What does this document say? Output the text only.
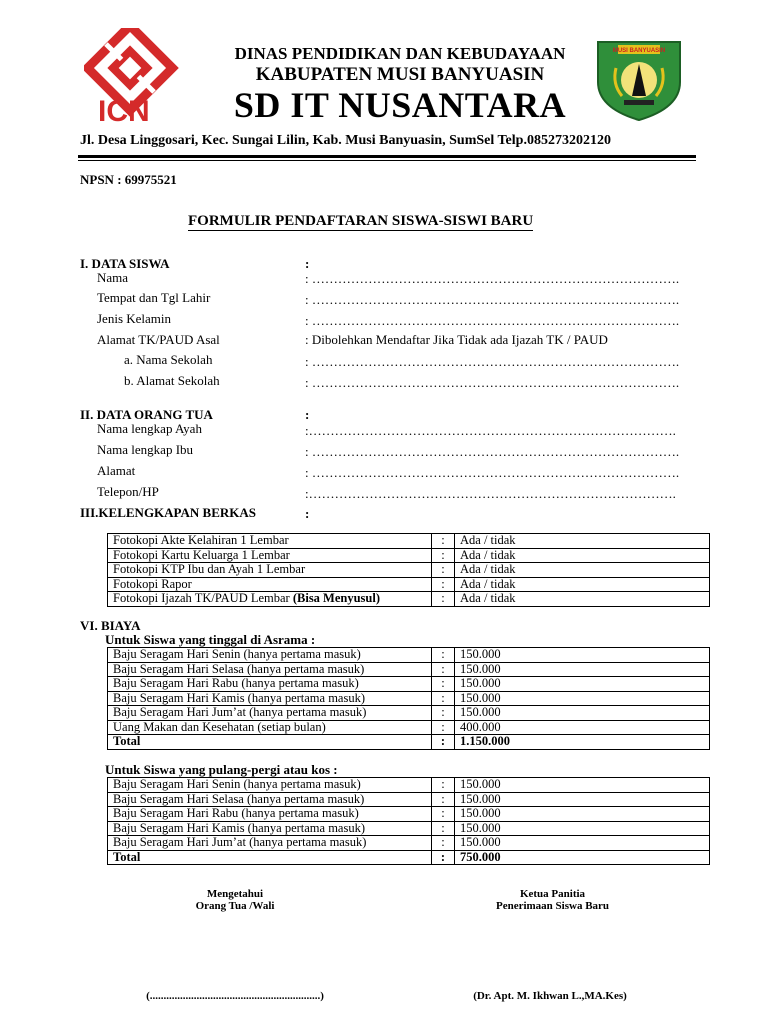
ICN
DINAS PENDIDIKAN DAN KEBUDAYAAN
KABUPATEN MUSI BANYUASIN
SD IT NUSANTARA
MUSI BANYUASIN
Jl. Desa Linggosari, Kec. Sungai Lilin, Kab. Musi Banyuasin, SumSel Telp.085273202120
NPSN : 69975521
FORMULIR PENDAFTARAN SISWA-SISWI BARU
I. DATA SISWA	:
Nama	: ………………………………………………………………………….
Tempat dan Tgl Lahir	: ………………………………………………………………………….
Jenis Kelamin	: ………………………………………………………………………….
Alamat TK/PAUD Asal	: Dibolehkan Mendaftar Jika Tidak ada Ijazah TK / PAUD
a. Nama Sekolah	: ………………………………………………………………………….
b. Alamat Sekolah	: ………………………………………………………………………….
II. DATA ORANG TUA	:
Nama lengkap Ayah	:………………………………………………………………………….
Nama lengkap Ibu	: ………………………………………………………………………….
Alamat	: ………………………………………………………………………….
Telepon/HP	:………………………………………………………………………….
III.KELENGKAPAN BERKAS	:
Fotokopi Akte Kelahiran 1 Lembar	:	Ada / tidak
Fotokopi Kartu Keluarga 1 Lembar	:	Ada / tidak
Fotokopi KTP Ibu dan Ayah 1 Lembar	:	Ada / tidak
Fotokopi Rapor	:	Ada / tidak
Fotokopi Ijazah TK/PAUD Lembar (Bisa Menyusul)	:	Ada / tidak
VI. BIAYA
Untuk Siswa yang tinggal di Asrama :
Baju Seragam Hari Senin (hanya pertama masuk)	:	150.000
Baju Seragam Hari Selasa (hanya pertama masuk)	:	150.000
Baju Seragam Hari Rabu (hanya pertama masuk)	:	150.000
Baju Seragam Hari Kamis (hanya pertama masuk)	:	150.000
Baju Seragam Hari Jum’at (hanya pertama masuk)	:	150.000
Uang Makan dan Kesehatan (setiap bulan)	:	400.000
Total	:	1.150.000
Untuk Siswa yang pulang-pergi atau kos :
Baju Seragam Hari Senin (hanya pertama masuk)	:	150.000
Baju Seragam Hari Selasa (hanya pertama masuk)	:	150.000
Baju Seragam Hari Rabu (hanya pertama masuk)	:	150.000
Baju Seragam Hari Kamis (hanya pertama masuk)	:	150.000
Baju Seragam Hari Jum’at (hanya pertama masuk)	:	150.000
Total	:	750.000
Mengetahui
Orang Tua /Wali
Ketua Panitia
Penerimaan Siswa Baru
(..............................................................)	(Dr. Apt. M. Ikhwan L.,MA.Kes)
